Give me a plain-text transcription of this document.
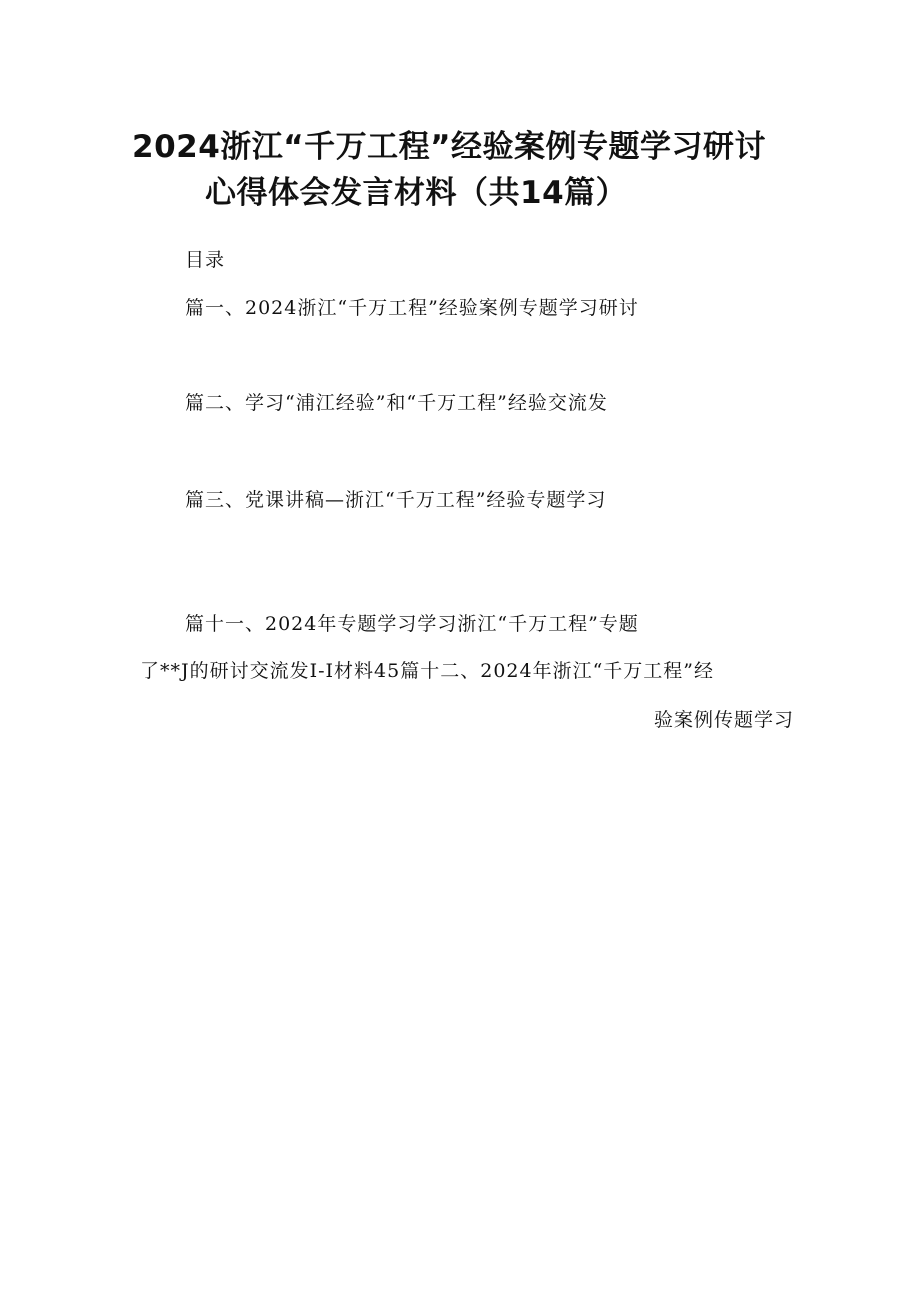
2024浙江“千万工程”经验案例专题学习研讨
心得体会发言材料（共14篇）
目录
篇一、2024浙江“千万工程”经验案例专题学习研讨
篇二、学习“浦江经验”和“千万工程”经验交流发
篇三、党课讲稿—浙江“千万工程”经验专题学习
篇十一、2024年专题学习学习浙江“千万工程”专题
了**J的研讨交流发I-I材料45篇十二、2024年浙江“千万工程”经
验案例传题学习
